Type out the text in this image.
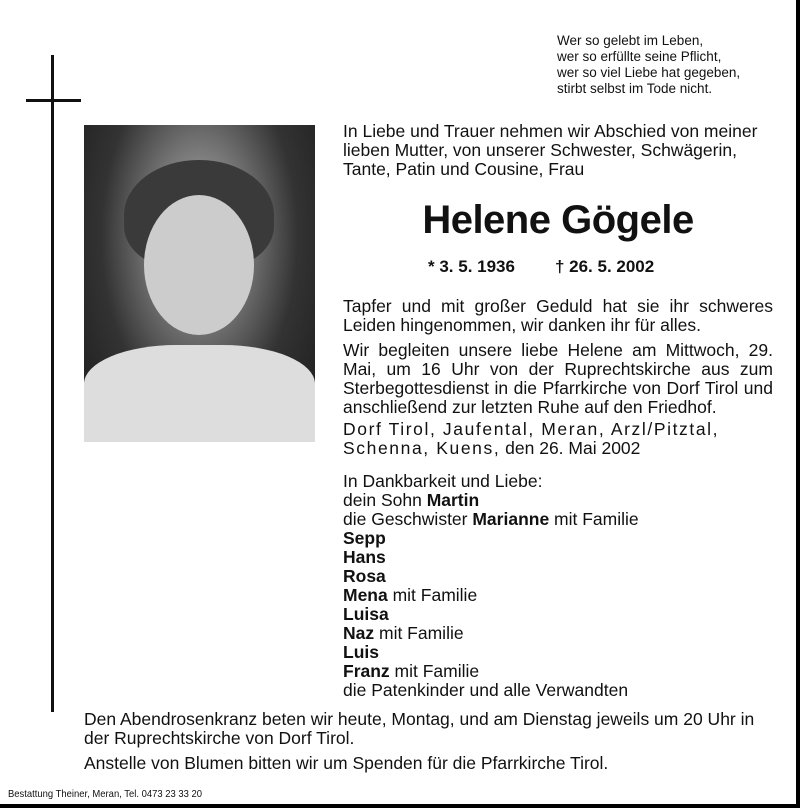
Wer so gelebt im Leben,
wer so erfüllte seine Pflicht,
wer so viel Liebe hat gegeben,
stirbt selbst im Tode nicht.
In Liebe und Trauer nehmen wir Abschied von meiner lieben Mutter, von unserer Schwester, Schwägerin, Tante, Patin und Cousine, Frau
Helene Gögele
* 3. 5. 1936 † 26. 5. 2002
Tapfer und mit großer Geduld hat sie ihr schweres Leiden hingenommen, wir danken ihr für alles.
Wir begleiten unsere liebe Helene am Mittwoch, 29. Mai, um 16 Uhr von der Ruprechtskirche aus zum Sterbegottesdienst in die Pfarrkirche von Dorf Tirol und anschließend zur letzten Ruhe auf den Friedhof.
Dorf Tirol, Jaufental, Meran, Arzl/Pitztal, Schenna, Kuens, den 26. Mai 2002
In Dankbarkeit und Liebe:
dein Sohn Martin
die Geschwister Marianne mit Familie
Sepp
Hans
Rosa
Mena mit Familie
Luisa
Naz mit Familie
Luis
Franz mit Familie
die Patenkinder und alle Verwandten
Den Abendrosenkranz beten wir heute, Montag, und am Dienstag jeweils um 20 Uhr in der Ruprechtskirche von Dorf Tirol.
Anstelle von Blumen bitten wir um Spenden für die Pfarrkirche Tirol.
Bestattung Theiner, Meran, Tel. 0473 23 33 20
